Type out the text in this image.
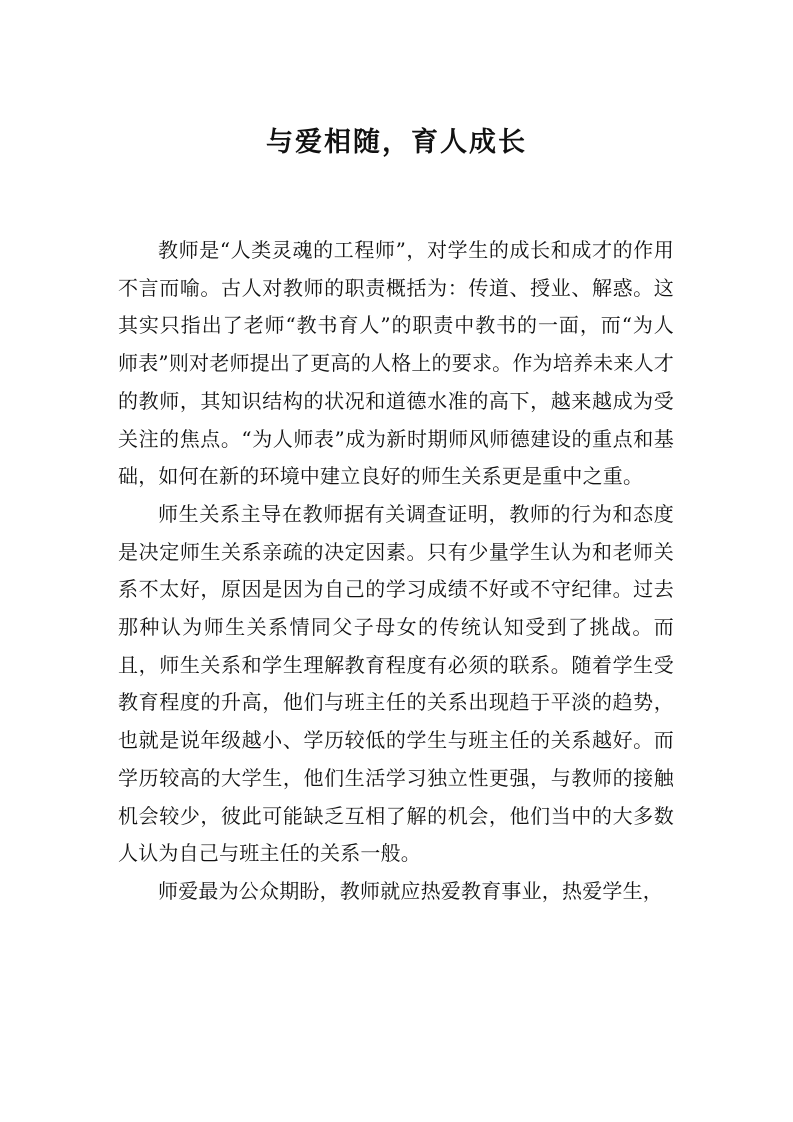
与爱相随，育人成长

教师是“人类灵魂的工程师”，对学生的成长和成才的作用不言而喻。古人对教师的职责概括为：传道、授业、解惑。这其实只指出了老师“教书育人”的职责中教书的一面，而“为人师表”则对老师提出了更高的人格上的要求。作为培养未来人才的教师，其知识结构的状况和道德水准的高下，越来越成为受关注的焦点。“为人师表”成为新时期师风师德建设的重点和基础，如何在新的环境中建立良好的师生关系更是重中之重。

师生关系主导在教师据有关调查证明，教师的行为和态度是决定师生关系亲疏的决定因素。只有少量学生认为和老师关系不太好，原因是因为自己的学习成绩不好或不守纪律。过去那种认为师生关系情同父子母女的传统认知受到了挑战。而且，师生关系和学生理解教育程度有必须的联系。随着学生受教育程度的升高，他们与班主任的关系出现趋于平淡的趋势，也就是说年级越小、学历较低的学生与班主任的关系越好。而学历较高的大学生，他们生活学习独立性更强，与教师的接触机会较少，彼此可能缺乏互相了解的机会，他们当中的大多数人认为自己与班主任的关系一般。

师爱最为公众期盼，教师就应热爱教育事业，热爱学生，
